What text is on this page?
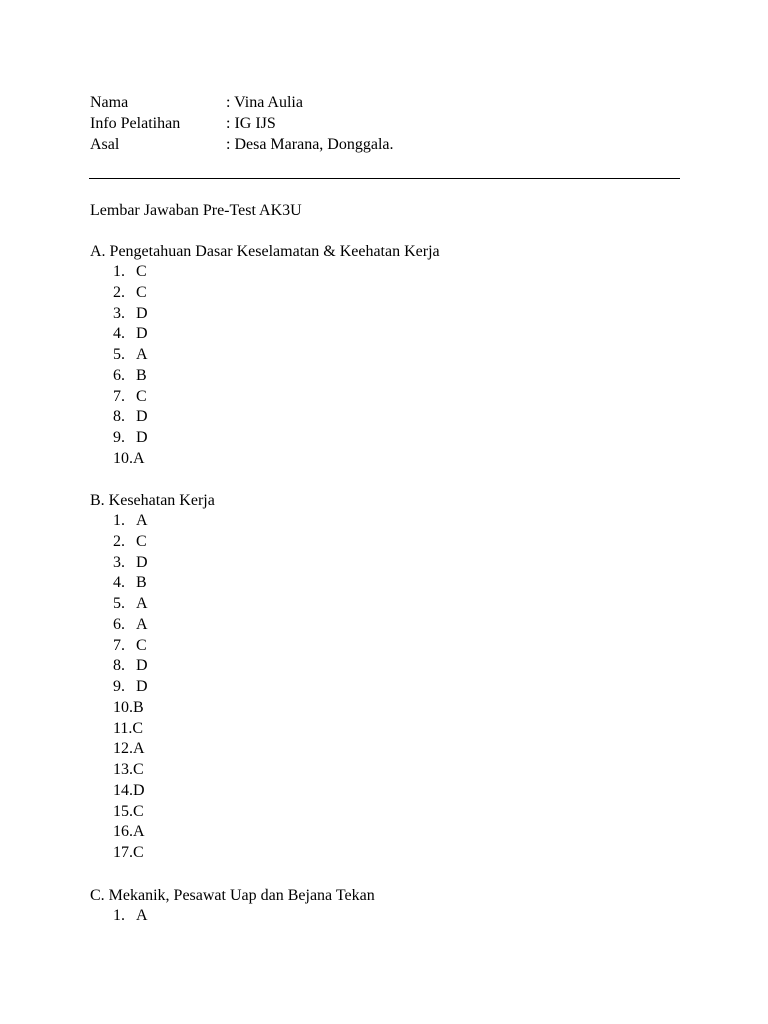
Nama	: Vina Aulia
Info Pelatihan	: IG IJS
Asal	: Desa Marana, Donggala.
Lembar Jawaban Pre-Test AK3U
A. Pengetahuan Dasar Keselamatan & Keehatan Kerja
1. C
2. C
3. D
4. D
5. A
6. B
7. C
8. D
9. D
10.A
B. Kesehatan Kerja
1. A
2. C
3. D
4. B
5. A
6. A
7. C
8. D
9. D
10.B
11.C
12.A
13.C
14.D
15.C
16.A
17.C
C. Mekanik, Pesawat Uap dan Bejana Tekan
1. A
